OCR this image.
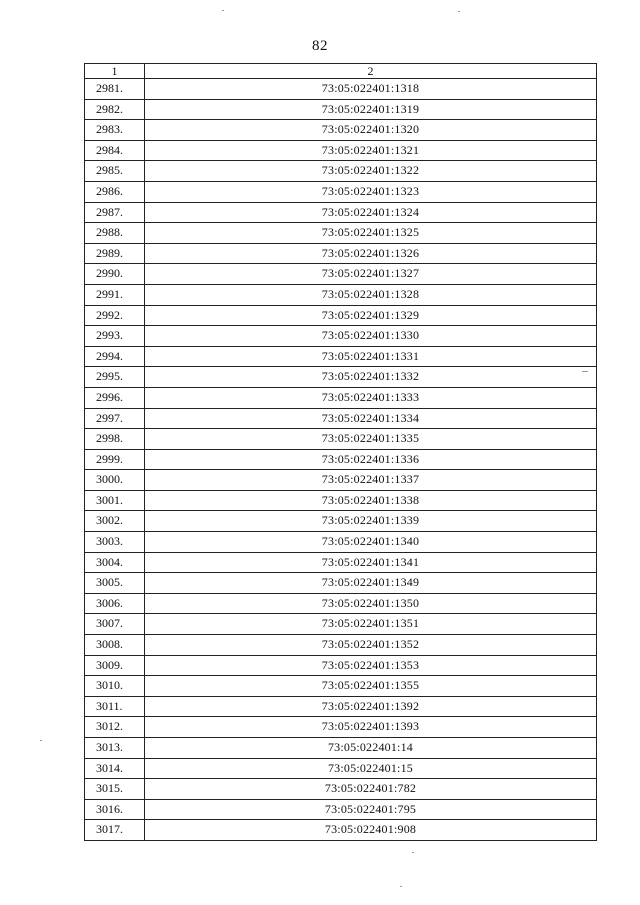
82
1	2
2981.	73:05:022401:1318
2982.	73:05:022401:1319
2983.	73:05:022401:1320
2984.	73:05:022401:1321
2985.	73:05:022401:1322
2986.	73:05:022401:1323
2987.	73:05:022401:1324
2988.	73:05:022401:1325
2989.	73:05:022401:1326
2990.	73:05:022401:1327
2991.	73:05:022401:1328
2992.	73:05:022401:1329
2993.	73:05:022401:1330
2994.	73:05:022401:1331
2995.	73:05:022401:1332
2996.	73:05:022401:1333
2997.	73:05:022401:1334
2998.	73:05:022401:1335
2999.	73:05:022401:1336
3000.	73:05:022401:1337
3001.	73:05:022401:1338
3002.	73:05:022401:1339
3003.	73:05:022401:1340
3004.	73:05:022401:1341
3005.	73:05:022401:1349
3006.	73:05:022401:1350
3007.	73:05:022401:1351
3008.	73:05:022401:1352
3009.	73:05:022401:1353
3010.	73:05:022401:1355
3011.	73:05:022401:1392
3012.	73:05:022401:1393
3013.	73:05:022401:14
3014.	73:05:022401:15
3015.	73:05:022401:782
3016.	73:05:022401:795
3017.	73:05:022401:908
